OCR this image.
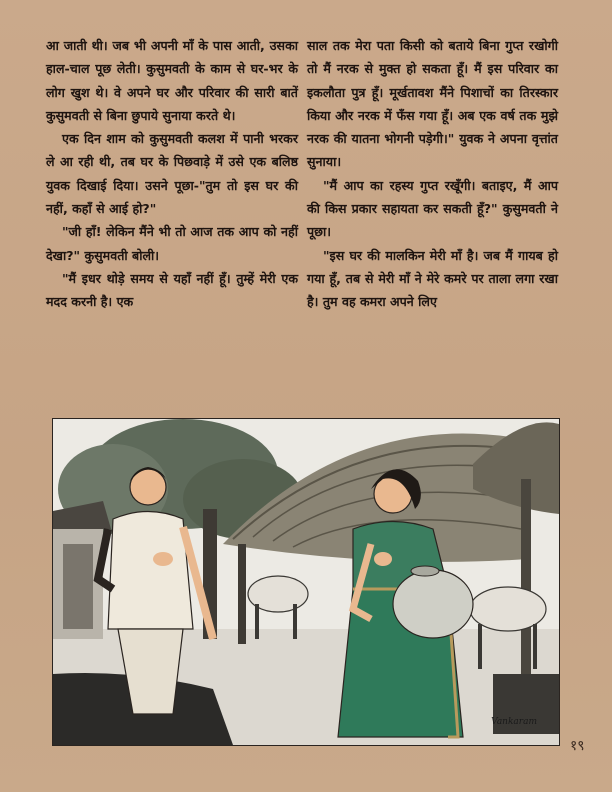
आ जाती थी। जब भी अपनी माँ के पास आती, उसका हाल-चाल पूछ लेती। कुसुमवती के काम से घर-भर के लोग खुश थे। वे अपने घर और परिवार की सारी बातें कुसुमवती से बिना छुपाये सुनाया करते थे।

एक दिन शाम को कुसुमवती कलश में पानी भरकर ले आ रही थी, तब घर के पिछवाड़े में उसे एक बलिष्ठ युवक दिखाई दिया। उसने पूछा-"तुम तो इस घर की नहीं, कहाँ से आई हो?"

"जी हाँ! लेकिन मैंने भी तो आज तक आप को नहीं देखा?" कुसुमवती बोली।

"मैं इधर थोड़े समय से यहाँ नहीं हूँ। तुम्हें मेरी एक मदद करनी है। एक

साल तक मेरा पता किसी को बताये बिना गुप्त रखोगी तो मैं नरक से मुक्त हो सकता हूँ। मैं इस परिवार का इकलौता पुत्र हूँ। मूर्खतावश मैंने पिशाचों का तिरस्कार किया और नरक में फँस गया हूँ। अब एक वर्ष तक मुझे नरक की यातना भोगनी पड़ेगी।" युवक ने अपना वृत्तांत सुनाया।

"मैं आप का रहस्य गुप्त रखूँगी। बताइए, मैं आप की किस प्रकार सहायता कर सकती हूँ?" कुसुमवती ने पूछा।

"इस घर की मालकिन मेरी माँ है। जब मैं गायब हो गया हूँ, तब से मेरी माँ ने मेरे कमरे पर ताला लगा रखा है। तुम वह कमरा अपने लिए

Vankaram
१९
